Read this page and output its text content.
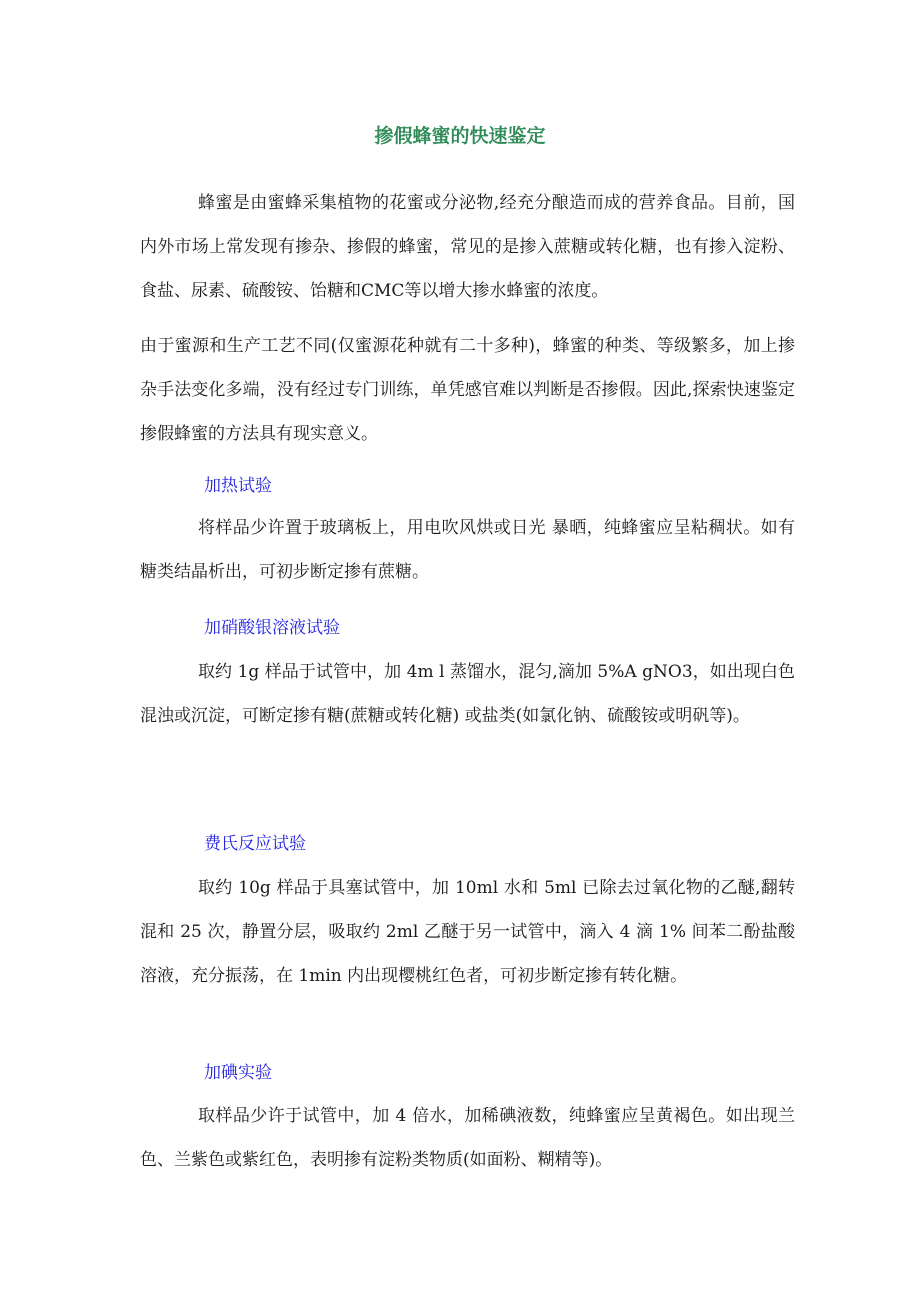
掺假蜂蜜的快速鉴定

蜂蜜是由蜜蜂采集植物的花蜜或分泌物,经充分酿造而成的营养食品。目前，国内外市场上常发现有掺杂、掺假的蜂蜜，常见的是掺入蔗糖或转化糖，也有掺入淀粉、食盐、尿素、硫酸铵、饴糖和CMC等以增大掺水蜂蜜的浓度。

由于蜜源和生产工艺不同(仅蜜源花种就有二十多种)，蜂蜜的种类、等级繁多，加上掺杂手法变化多端，没有经过专门训练，单凭感官难以判断是否掺假。因此,探索快速鉴定掺假蜂蜜的方法具有现实意义。

加热试验

将样品少许置于玻璃板上，用电吹风烘或日光 暴晒，纯蜂蜜应呈粘稠状。如有糖类结晶析出，可初步断定掺有蔗糖。

加硝酸银溶液试验

取约 1g 样品于试管中，加 4m l 蒸馏水，混匀,滴加 5%A gNO3，如出现白色混浊或沉淀，可断定掺有糖(蔗糖或转化糖) 或盐类(如氯化钠、硫酸铵或明矾等)。

费氏反应试验

取约 10g 样品于具塞试管中，加 10ml 水和 5ml 已除去过氧化物的乙醚,翻转混和 25 次，静置分层，吸取约 2ml 乙醚于另一试管中，滴入 4 滴 1% 间苯二酚盐酸溶液，充分振荡，在 1min 内出现樱桃红色者，可初步断定掺有转化糖。

加碘实验

取样品少许于试管中，加 4 倍水，加稀碘液数，纯蜂蜜应呈黄褐色。如出现兰色、兰紫色或紫红色，表明掺有淀粉类物质(如面粉、糊精等)。
